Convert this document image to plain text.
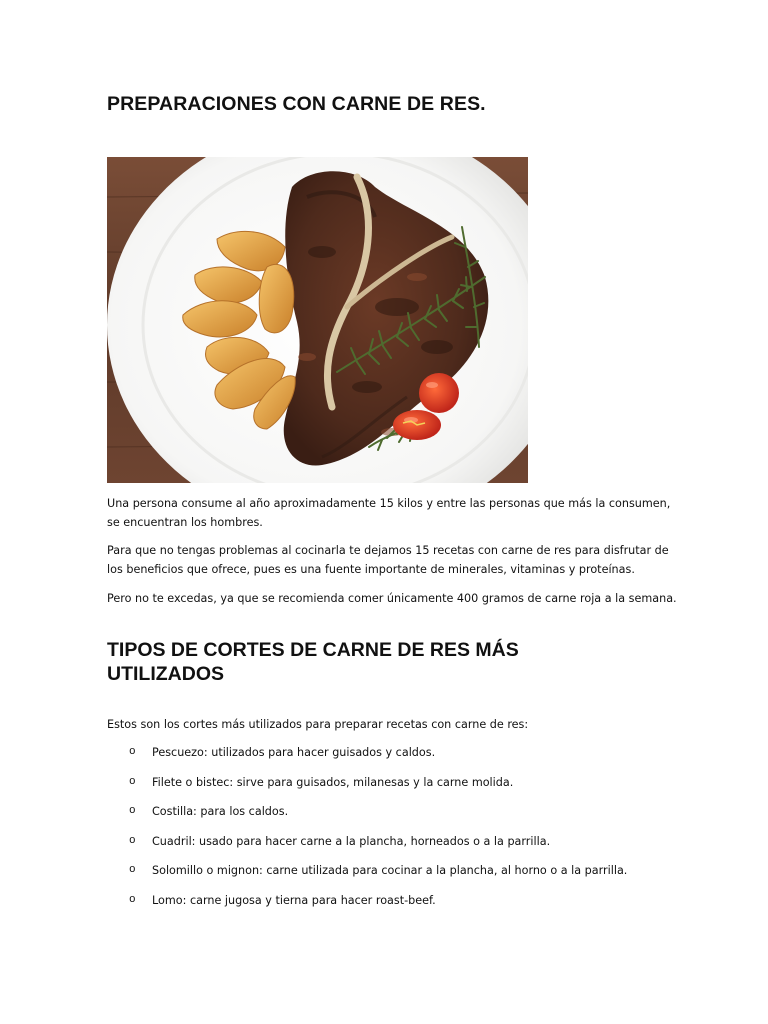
PREPARACIONES CON CARNE DE RES.

Una persona consume al año aproximadamente 15 kilos y entre las personas que más la consumen, se encuentran los hombres.

Para que no tengas problemas al cocinarla te dejamos 15 recetas con carne de res para disfrutar de los beneficios que ofrece, pues es una fuente importante de minerales, vitaminas y proteínas.

Pero no te excedas, ya que se recomienda comer únicamente 400 gramos de carne roja a la semana.

TIPOS DE CORTES DE CARNE DE RES MÁS UTILIZADOS

Estos son los cortes más utilizados para preparar recetas con carne de res:

o Pescuezo: utilizados para hacer guisados y caldos.
o Filete o bistec: sirve para guisados, milanesas y la carne molida.
o Costilla: para los caldos.
o Cuadril: usado para hacer carne a la plancha, horneados o a la parrilla.
o Solomillo o mignon: carne utilizada para cocinar a la plancha, al horno o a la parrilla.
o Lomo: carne jugosa y tierna para hacer roast-beef.
